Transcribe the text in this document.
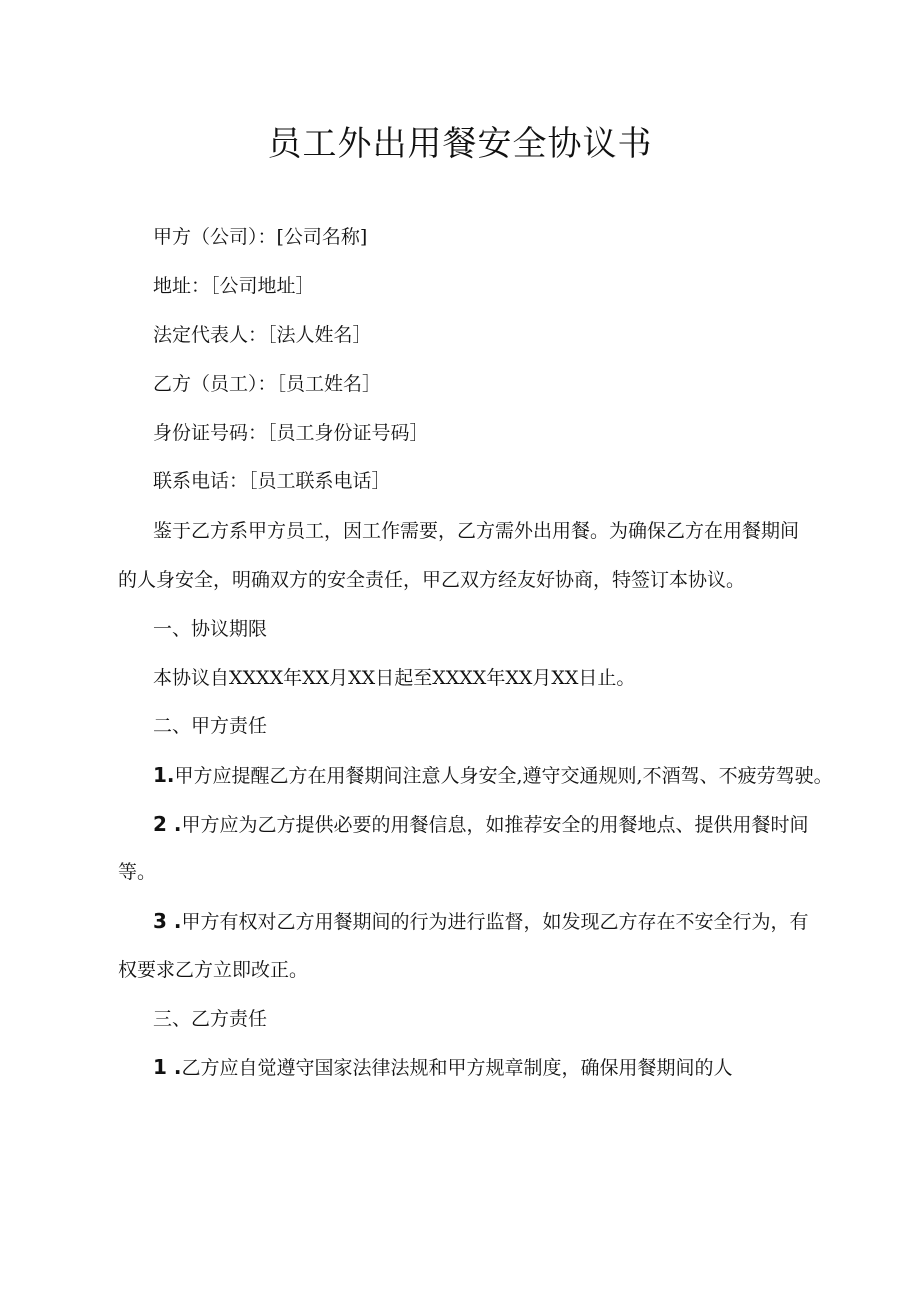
员工外出用餐安全协议书

甲方（公司）：[公司名称]

地址：［公司地址］

法定代表人：［法人姓名］

乙方（员工）：［员工姓名］

身份证号码：［员工身份证号码］

联系电话：［员工联系电话］

鉴于乙方系甲方员工，因工作需要，乙方需外出用餐。为确保乙方在用餐期间的人身安全，明确双方的安全责任，甲乙双方经友好协商，特签订本协议。

一、协议期限

本协议自XXXX年XX月XX日起至XXXX年XX月XX日止。

二、甲方责任

1.甲方应提醒乙方在用餐期间注意人身安全,遵守交通规则,不酒驾、不疲劳驾驶。

2 .甲方应为乙方提供必要的用餐信息，如推荐安全的用餐地点、提供用餐时间

等。

3 .甲方有权对乙方用餐期间的行为进行监督，如发现乙方存在不安全行为，有

权要求乙方立即改正。

三、乙方责任

1 .乙方应自觉遵守国家法律法规和甲方规章制度，确保用餐期间的人
